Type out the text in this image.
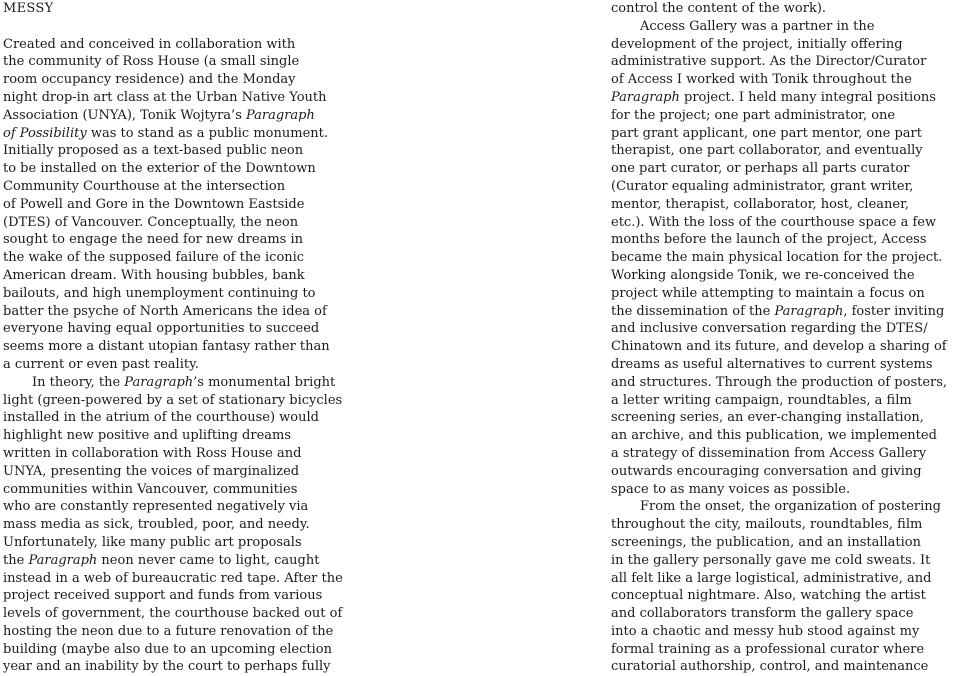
MESSY
Created and conceived in collaboration with
the community of Ross House (a small single
room occupancy residence) and the Monday
night drop-in art class at the Urban Native Youth
Association (UNYA), Tonik Wojtyra’s Paragraph
of Possibility was to stand as a public monument.
Initially proposed as a text-based public neon
to be installed on the exterior of the Downtown
Community Courthouse at the intersection
of Powell and Gore in the Downtown Eastside
(DTES) of Vancouver. Conceptually, the neon
sought to engage the need for new dreams in
the wake of the supposed failure of the iconic
American dream. With housing bubbles, bank
bailouts, and high unemployment continuing to
batter the psyche of North Americans the idea of
everyone having equal opportunities to succeed
seems more a distant utopian fantasy rather than
a current or even past reality.
In theory, the Paragraph’s monumental bright
light (green-powered by a set of stationary bicycles
installed in the atrium of the courthouse) would
highlight new positive and uplifting dreams
written in collaboration with Ross House and
UNYA, presenting the voices of marginalized
communities within Vancouver, communities
who are constantly represented negatively via
mass media as sick, troubled, poor, and needy.
Unfortunately, like many public art proposals
the Paragraph neon never came to light, caught
instead in a web of bureaucratic red tape. After the
project received support and funds from various
levels of government, the courthouse backed out of
hosting the neon due to a future renovation of the
building (maybe also due to an upcoming election
year and an inability by the court to perhaps fully
control the content of the work).
Access Gallery was a partner in the
development of the project, initially offering
administrative support. As the Director/Curator
of Access I worked with Tonik throughout the
Paragraph project. I held many integral positions
for the project; one part administrator, one
part grant applicant, one part mentor, one part
therapist, one part collaborator, and eventually
one part curator, or perhaps all parts curator
(Curator equaling administrator, grant writer,
mentor, therapist, collaborator, host, cleaner,
etc.). With the loss of the courthouse space a few
months before the launch of the project, Access
became the main physical location for the project.
Working alongside Tonik, we re-conceived the
project while attempting to maintain a focus on
the dissemination of the Paragraph, foster inviting
and inclusive conversation regarding the DTES/
Chinatown and its future, and develop a sharing of
dreams as useful alternatives to current systems
and structures. Through the production of posters,
a letter writing campaign, roundtables, a film
screening series, an ever-changing installation,
an archive, and this publication, we implemented
a strategy of dissemination from Access Gallery
outwards encouraging conversation and giving
space to as many voices as possible.
From the onset, the organization of postering
throughout the city, mailouts, roundtables, film
screenings, the publication, and an installation
in the gallery personally gave me cold sweats. It
all felt like a large logistical, administrative, and
conceptual nightmare. Also, watching the artist
and collaborators transform the gallery space
into a chaotic and messy hub stood against my
formal training as a professional curator where
curatorial authorship, control, and maintenance
